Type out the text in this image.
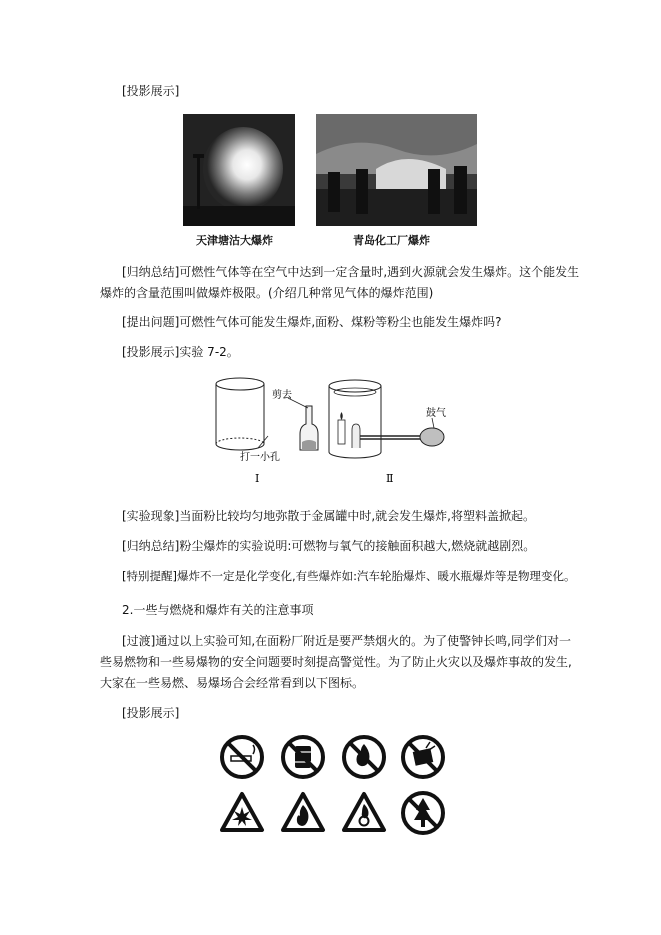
[投影展示]
天津塘沽大爆炸	青岛化工厂爆炸
[归纳总结]可燃性气体等在空气中达到一定含量时,遇到火源就会发生爆炸。这个能发生
爆炸的含量范围叫做爆炸极限。(介绍几种常见气体的爆炸范围)
[提出问题]可燃性气体可能发生爆炸,面粉、煤粉等粉尘也能发生爆炸吗?
[投影展示]实验 7-2。
剪去
打一小孔
鼓气
Ⅰ	Ⅱ
[实验现象]当面粉比较均匀地弥散于金属罐中时,就会发生爆炸,将塑料盖掀起。
[归纳总结]粉尘爆炸的实验说明:可燃物与氧气的接触面积越大,燃烧就越剧烈。
[特别提醒]爆炸不一定是化学变化,有些爆炸如:汽车轮胎爆炸、暖水瓶爆炸等是物理变化。
2.一些与燃烧和爆炸有关的注意事项
[过渡]通过以上实验可知,在面粉厂附近是要严禁烟火的。为了使警钟长鸣,同学们对一
些易燃物和一些易爆物的安全问题要时刻提高警觉性。为了防止火灾以及爆炸事故的发生,
大家在一些易燃、易爆场合会经常看到以下图标。
[投影展示]
